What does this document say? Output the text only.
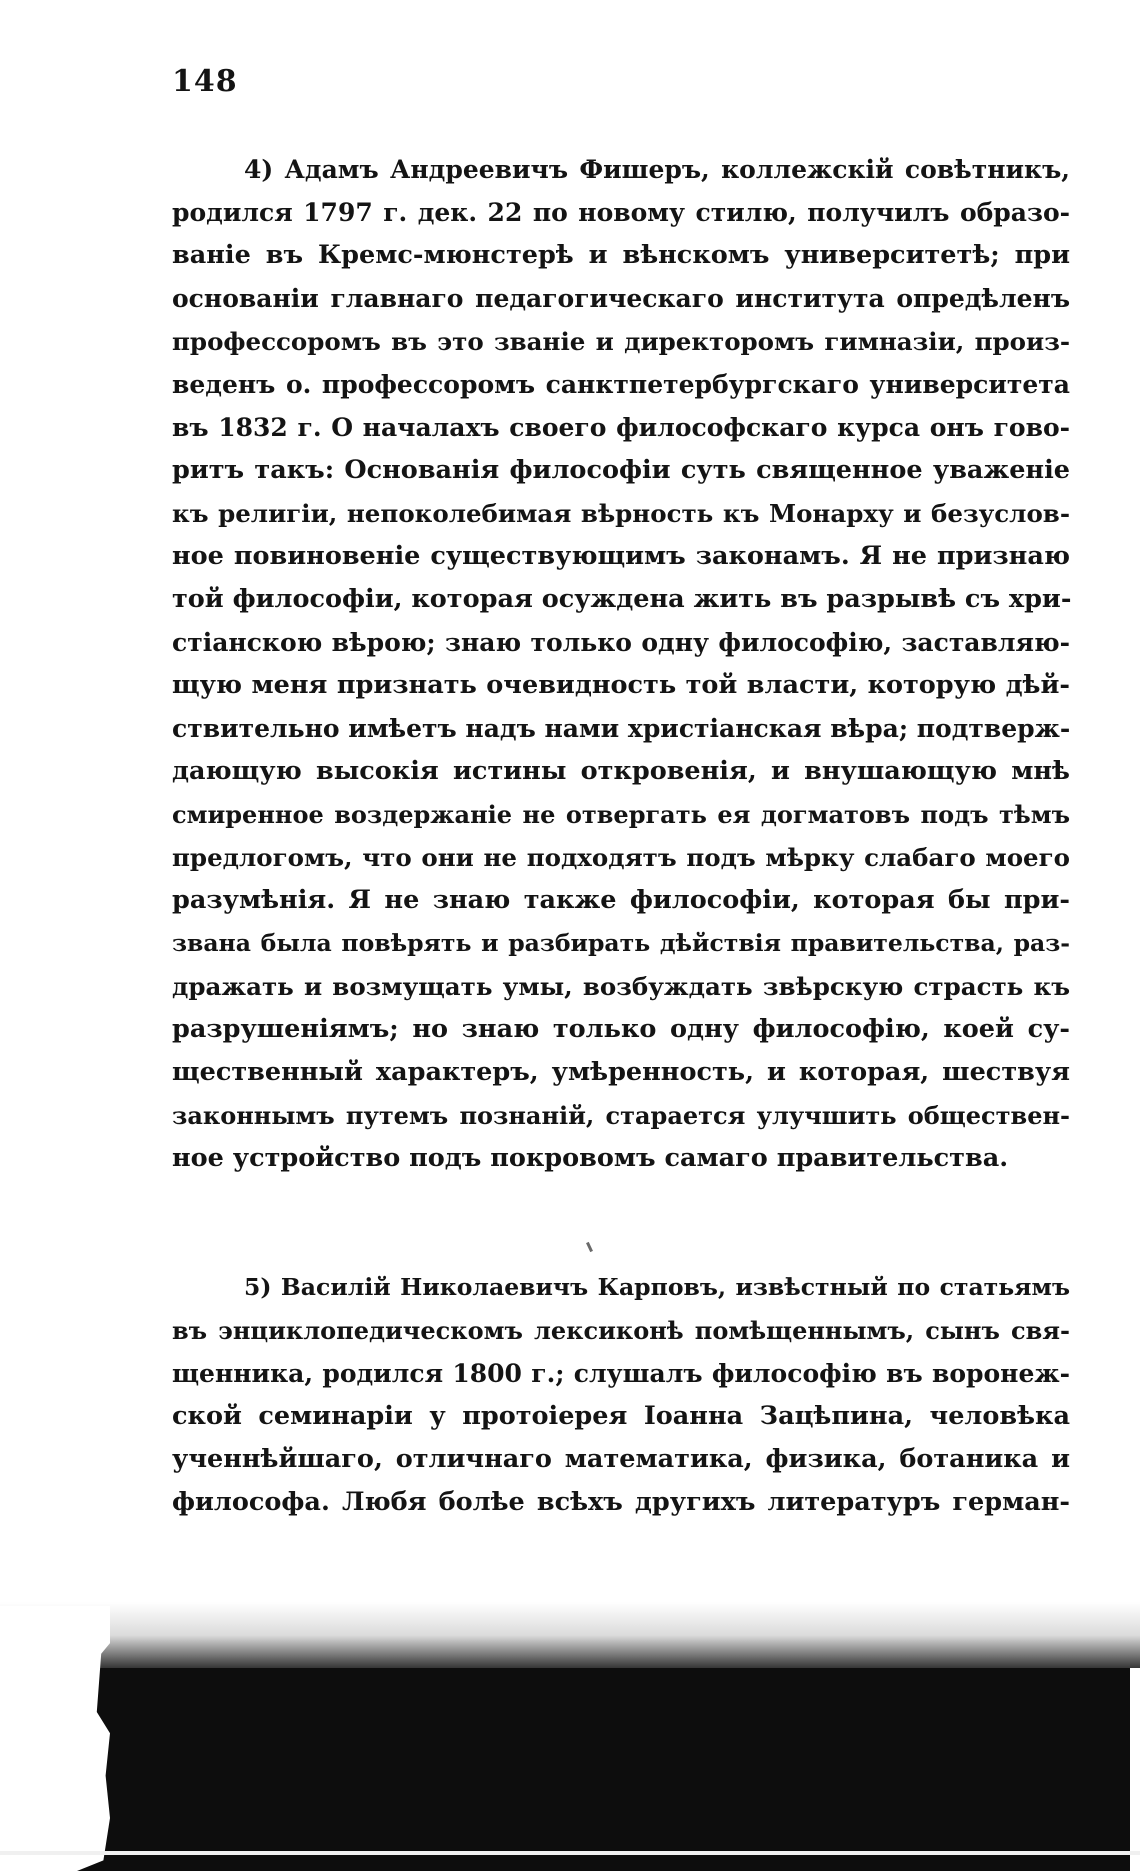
148
4) Адамъ Андреевичъ Фишеръ, коллежскій совѣтникъ,
родился 1797 г. дек. 22 по новому стилю, получилъ образо-
ваніе въ Кремс-мюнстерѣ и вѣнскомъ университетѣ; при
основаніи главнаго педагогическаго института опредѣленъ
профессоромъ въ это званіе и директоромъ гимназіи, произ-
веденъ о. профессоромъ санктпетербургскаго университета
въ 1832 г. О началахъ своего философскаго курса онъ гово-
ритъ такъ: Основанія философіи суть священное уваженіе
къ религіи, непоколебимая вѣрность къ Монарху и безуслов-
ное повиновеніе существующимъ законамъ. Я не признаю
той философіи, которая осуждена жить въ разрывѣ съ хри-
стіанскою вѣрою; знаю только одну философію, заставляю-
щую меня признать очевидность той власти, которую дѣй-
ствительно имѣетъ надъ нами христіанская вѣра; подтверж-
дающую высокія истины откровенія, и внушающую мнѣ
смиренное воздержаніе не отвергать ея догматовъ подъ тѣмъ
предлогомъ, что они не подходятъ подъ мѣрку слабаго моего
разумѣнія. Я не знаю также философіи, которая бы при-
звана была повѣрять и разбирать дѣйствія правительства, раз-
дражать и возмущать умы, возбуждать звѣрскую страсть къ
разрушеніямъ; но знаю только одну философію, коей су-
щественный характеръ, умѣренность, и которая, шествуя
законнымъ путемъ познаній, старается улучшить обществен-
ное устройство подъ покровомъ самаго правительства.
5) Василій Николаевичъ Карповъ, извѣстный по статьямъ
въ энциклопедическомъ лексиконѣ помѣщеннымъ, сынъ свя-
щенника, родился 1800 г.; слушалъ философію въ воронеж-
ской семинаріи у протоіерея Іоанна Зацѣпина, человѣка
ученнѣйшаго, отличнаго математика, физика, ботаника и
философа. Любя болѣе всѣхъ другихъ литературъ герман-
